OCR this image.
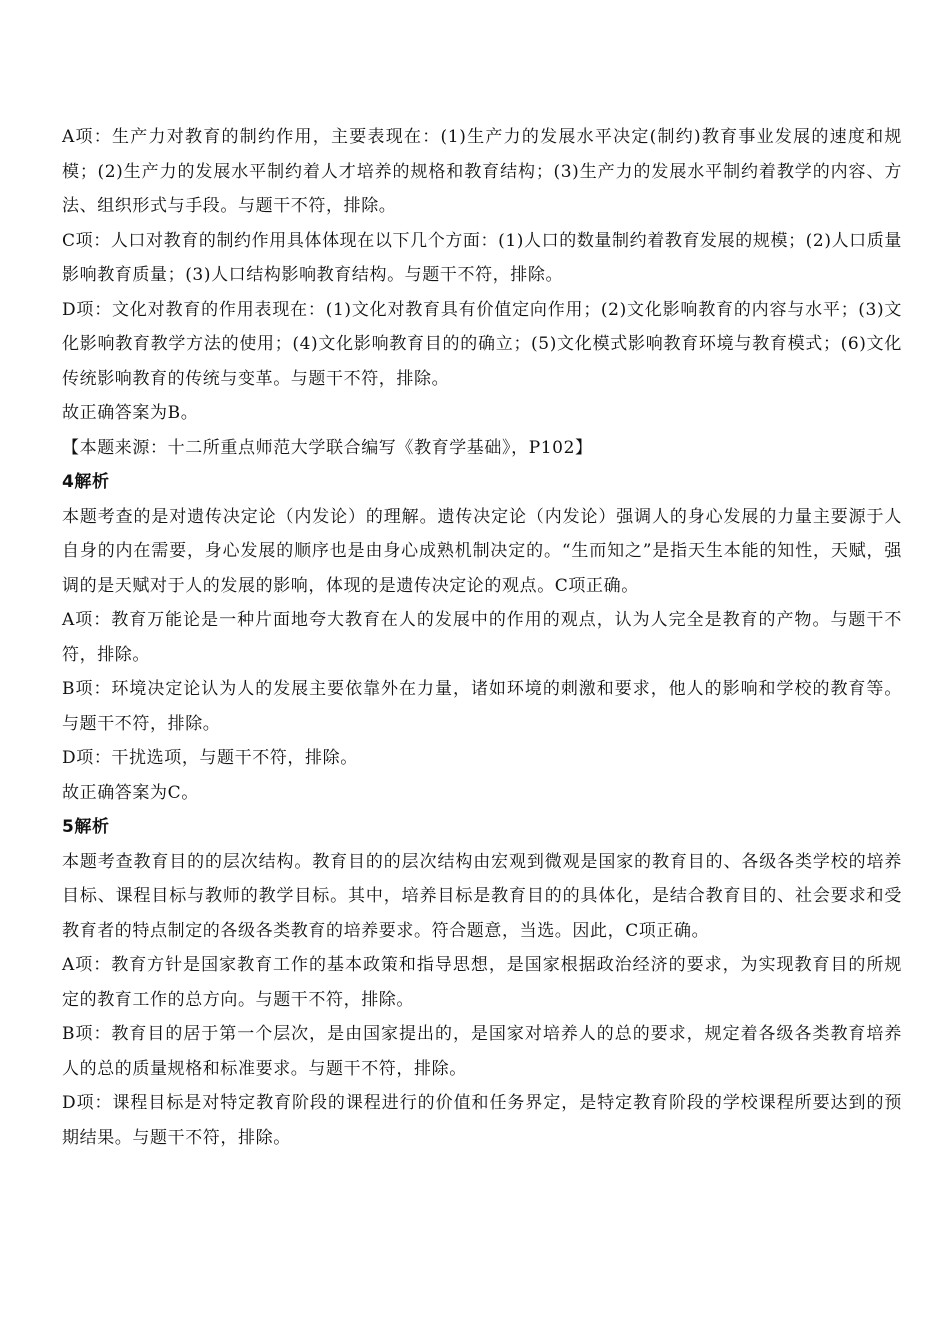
A项：生产力对教育的制约作用，主要表现在：(1)生产力的发展水平决定(制约)教育事业发展的速度和规模；(2)生产力的发展水平制约着人才培养的规格和教育结构；(3)生产力的发展水平制约着教学的内容、方法、组织形式与手段。与题干不符，排除。

C项：人口对教育的制约作用具体体现在以下几个方面：(1)人口的数量制约着教育发展的规模；(2)人口质量影响教育质量；(3)人口结构影响教育结构。与题干不符，排除。

D项：文化对教育的作用表现在：(1)文化对教育具有价值定向作用；(2)文化影响教育的内容与水平；(3)文化影响教育教学方法的使用；(4)文化影响教育目的的确立；(5)文化模式影响教育环境与教育模式；(6)文化传统影响教育的传统与变革。与题干不符，排除。

故正确答案为B。

【本题来源：十二所重点师范大学联合编写《教育学基础》，P102】

4解析

本题考查的是对遗传决定论（内发论）的理解。遗传决定论（内发论）强调人的身心发展的力量主要源于人自身的内在需要，身心发展的顺序也是由身心成熟机制决定的。“生而知之”是指天生本能的知性，天赋，强调的是天赋对于人的发展的影响，体现的是遗传决定论的观点。C项正确。

A项：教育万能论是一种片面地夸大教育在人的发展中的作用的观点，认为人完全是教育的产物。与题干不符，排除。

B项：环境决定论认为人的发展主要依靠外在力量，诸如环境的刺激和要求，他人的影响和学校的教育等。与题干不符，排除。

D项：干扰选项，与题干不符，排除。

故正确答案为C。

5解析

本题考查教育目的的层次结构。教育目的的层次结构由宏观到微观是国家的教育目的、各级各类学校的培养目标、课程目标与教师的教学目标。其中，培养目标是教育目的的具体化，是结合教育目的、社会要求和受教育者的特点制定的各级各类教育的培养要求。符合题意，当选。因此，C项正确。

A项：教育方针是国家教育工作的基本政策和指导思想，是国家根据政治经济的要求，为实现教育目的所规定的教育工作的总方向。与题干不符，排除。

B项：教育目的居于第一个层次，是由国家提出的，是国家对培养人的总的要求，规定着各级各类教育培养人的总的质量规格和标准要求。与题干不符，排除。

D项：课程目标是对特定教育阶段的课程进行的价值和任务界定，是特定教育阶段的学校课程所要达到的预期结果。与题干不符，排除。
